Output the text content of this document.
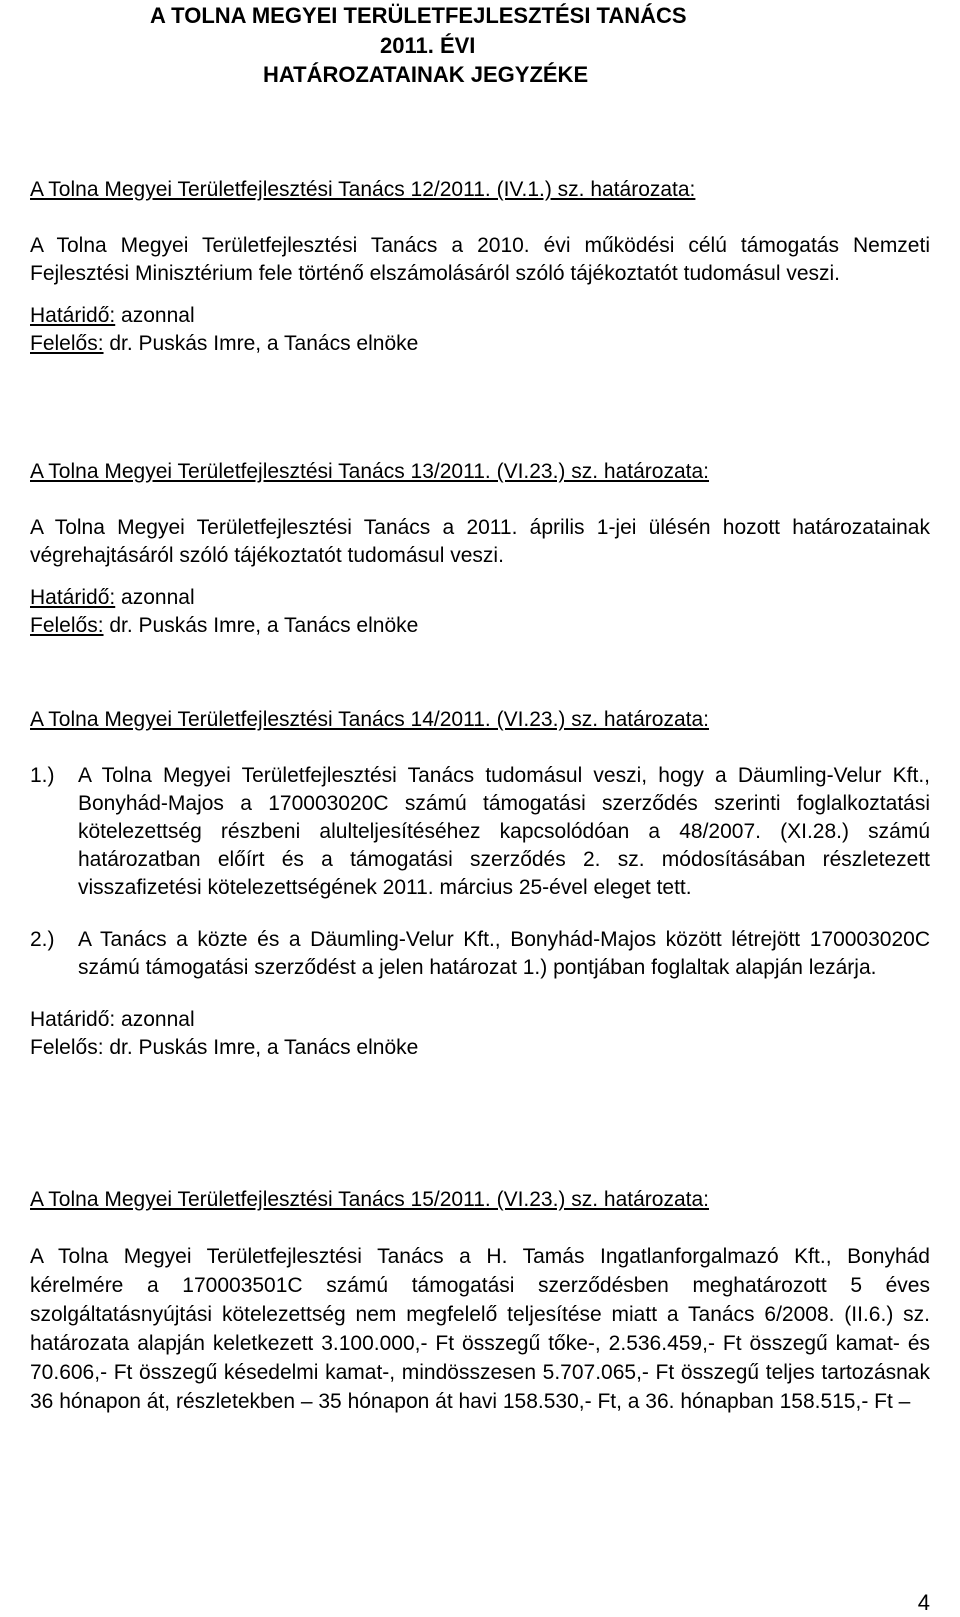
A TOLNA MEGYEI TERÜLETFEJLESZTÉSI TANÁCS
2011. ÉVI
HATÁROZATAINAK JEGYZÉKE
A Tolna Megyei Területfejlesztési Tanács 12/2011. (IV.1.) sz. határozata:
A Tolna Megyei Területfejlesztési Tanács a 2010. évi működési célú támogatás Nemzeti Fejlesztési Minisztérium fele történő elszámolásáról szóló tájékoztatót tudomásul veszi.
Határidő: azonnal
Felelős: dr. Puskás Imre, a Tanács elnöke
A Tolna Megyei Területfejlesztési Tanács 13/2011. (VI.23.) sz. határozata:
A Tolna Megyei Területfejlesztési Tanács a 2011. április 1-jei ülésén hozott határozatainak végrehajtásáról szóló tájékoztatót tudomásul veszi.
Határidő: azonnal
Felelős: dr. Puskás Imre, a Tanács elnöke
A Tolna Megyei Területfejlesztési Tanács 14/2011. (VI.23.) sz. határozata:
1.) A Tolna Megyei Területfejlesztési Tanács tudomásul veszi, hogy a Däumling-Velur Kft., Bonyhád-Majos a 170003020C számú támogatási szerződés szerinti foglalkoztatási kötelezettség részbeni alulteljesítéséhez kapcsolódóan a 48/2007. (XI.28.) számú határozatban előírt és a támogatási szerződés 2. sz. módosításában részletezett visszafizetési kötelezettségének 2011. március 25-ével eleget tett.
2.) A Tanács a közte és a Däumling-Velur Kft., Bonyhád-Majos között létrejött 170003020C számú támogatási szerződést a jelen határozat 1.) pontjában foglaltak alapján lezárja.
Határidő: azonnal
Felelős: dr. Puskás Imre, a Tanács elnöke
A Tolna Megyei Területfejlesztési Tanács 15/2011. (VI.23.) sz. határozata:
A Tolna Megyei Területfejlesztési Tanács a H. Tamás Ingatlanforgalmazó Kft., Bonyhád kérelmére a 170003501C számú támogatási szerződésben meghatározott 5 éves szolgáltatásnyújtási kötelezettség nem megfelelő teljesítése miatt a Tanács 6/2008. (II.6.) sz. határozata alapján keletkezett 3.100.000,- Ft összegű tőke-, 2.536.459,- Ft összegű kamat- és 70.606,- Ft összegű késedelmi kamat-, mindösszesen 5.707.065,- Ft összegű teljes tartozásnak 36 hónapon át, részletekben – 35 hónapon át havi 158.530,- Ft, a 36. hónapban 158.515,- Ft –
4
